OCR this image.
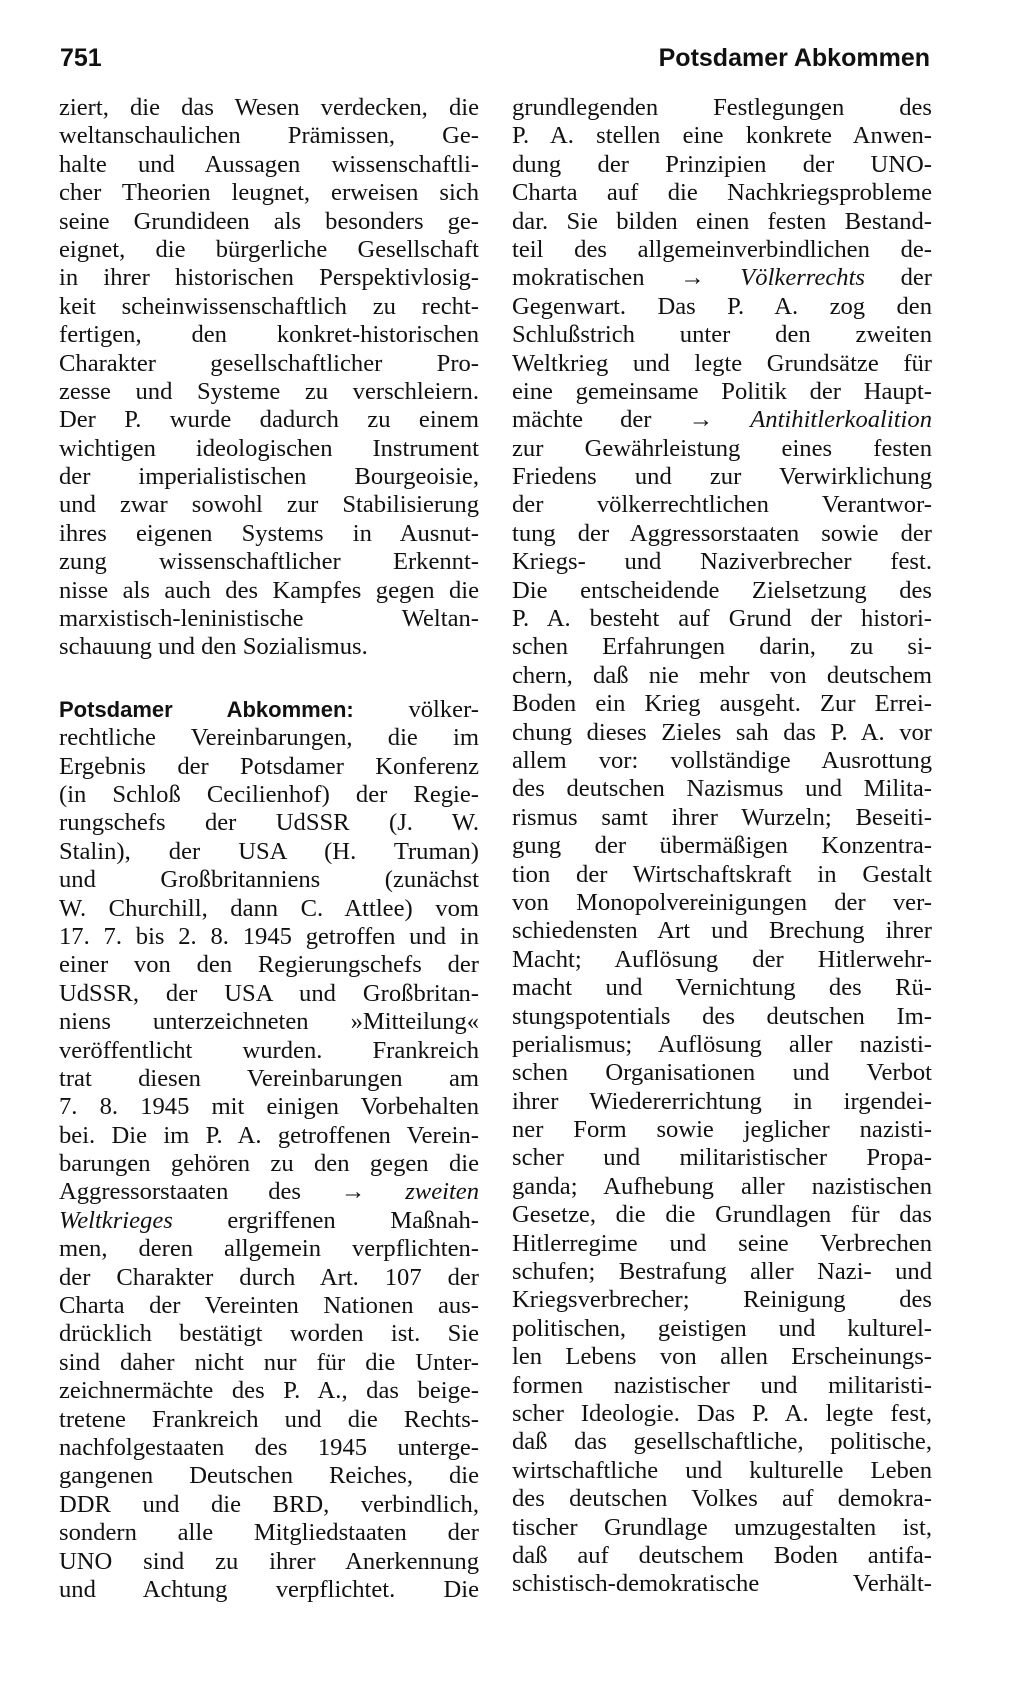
751	Potsdamer Abkommen
ziert, die das Wesen verdecken, die
weltanschaulichen Prämissen, Ge-
halte und Aussagen wissenschaftli-
cher Theorien leugnet, erweisen sich
seine Grundideen als besonders ge-
eignet, die bürgerliche Gesellschaft
in ihrer historischen Perspektivlosig-
keit scheinwissenschaftlich zu recht-
fertigen, den konkret-historischen
Charakter gesellschaftlicher Pro-
zesse und Systeme zu verschleiern.
Der P. wurde dadurch zu einem
wichtigen ideologischen Instrument
der imperialistischen Bourgeoisie,
und zwar sowohl zur Stabilisierung
ihres eigenen Systems in Ausnut-
zung wissenschaftlicher Erkennt-
nisse als auch des Kampfes gegen die
marxistisch-leninistische Weltan-
schauung und den Sozialismus.
Potsdamer Abkommen: völker-
rechtliche Vereinbarungen, die im
Ergebnis der Potsdamer Konferenz
(in Schloß Cecilienhof) der Regie-
rungschefs der UdSSR (J. W.
Stalin), der USA (H. Truman)
und Großbritanniens (zunächst
W. Churchill, dann C. Attlee) vom
17. 7. bis 2. 8. 1945 getroffen und in
einer von den Regierungschefs der
UdSSR, der USA und Großbritan-
niens unterzeichneten »Mitteilung«
veröffentlicht wurden. Frankreich
trat diesen Vereinbarungen am
7. 8. 1945 mit einigen Vorbehalten
bei. Die im P. A. getroffenen Verein-
barungen gehören zu den gegen die
Aggressorstaaten des → zweiten
Weltkrieges ergriffenen Maßnah-
men, deren allgemein verpflichten-
der Charakter durch Art. 107 der
Charta der Vereinten Nationen aus-
drücklich bestätigt worden ist. Sie
sind daher nicht nur für die Unter-
zeichnermächte des P. A., das beige-
tretene Frankreich und die Rechts-
nachfolgestaaten des 1945 unterge-
gangenen Deutschen Reiches, die
DDR und die BRD, verbindlich,
sondern alle Mitgliedstaaten der
UNO sind zu ihrer Anerkennung
und Achtung verpflichtet. Die
grundlegenden Festlegungen des
P. A. stellen eine konkrete Anwen-
dung der Prinzipien der UNO-
Charta auf die Nachkriegsprobleme
dar. Sie bilden einen festen Bestand-
teil des allgemeinverbindlichen de-
mokratischen → Völkerrechts der
Gegenwart. Das P. A. zog den
Schlußstrich unter den zweiten
Weltkrieg und legte Grundsätze für
eine gemeinsame Politik der Haupt-
mächte der → Antihitlerkoalition
zur Gewährleistung eines festen
Friedens und zur Verwirklichung
der völkerrechtlichen Verantwor-
tung der Aggressorstaaten sowie der
Kriegs- und Naziverbrecher fest.
Die entscheidende Zielsetzung des
P. A. besteht auf Grund der histori-
schen Erfahrungen darin, zu si-
chern, daß nie mehr von deutschem
Boden ein Krieg ausgeht. Zur Errei-
chung dieses Zieles sah das P. A. vor
allem vor: vollständige Ausrottung
des deutschen Nazismus und Milita-
rismus samt ihrer Wurzeln; Beseiti-
gung der übermäßigen Konzentra-
tion der Wirtschaftskraft in Gestalt
von Monopolvereinigungen der ver-
schiedensten Art und Brechung ihrer
Macht; Auflösung der Hitlerwehr-
macht und Vernichtung des Rü-
stungspotentials des deutschen Im-
perialismus; Auflösung aller nazisti-
schen Organisationen und Verbot
ihrer Wiedererrichtung in irgendei-
ner Form sowie jeglicher nazisti-
scher und militaristischer Propa-
ganda; Aufhebung aller nazistischen
Gesetze, die die Grundlagen für das
Hitlerregime und seine Verbrechen
schufen; Bestrafung aller Nazi- und
Kriegsverbrecher; Reinigung des
politischen, geistigen und kulturel-
len Lebens von allen Erscheinungs-
formen nazistischer und militaristi-
scher Ideologie. Das P. A. legte fest,
daß das gesellschaftliche, politische,
wirtschaftliche und kulturelle Leben
des deutschen Volkes auf demokra-
tischer Grundlage umzugestalten ist,
daß auf deutschem Boden antifa-
schistisch-demokratische Verhält-
